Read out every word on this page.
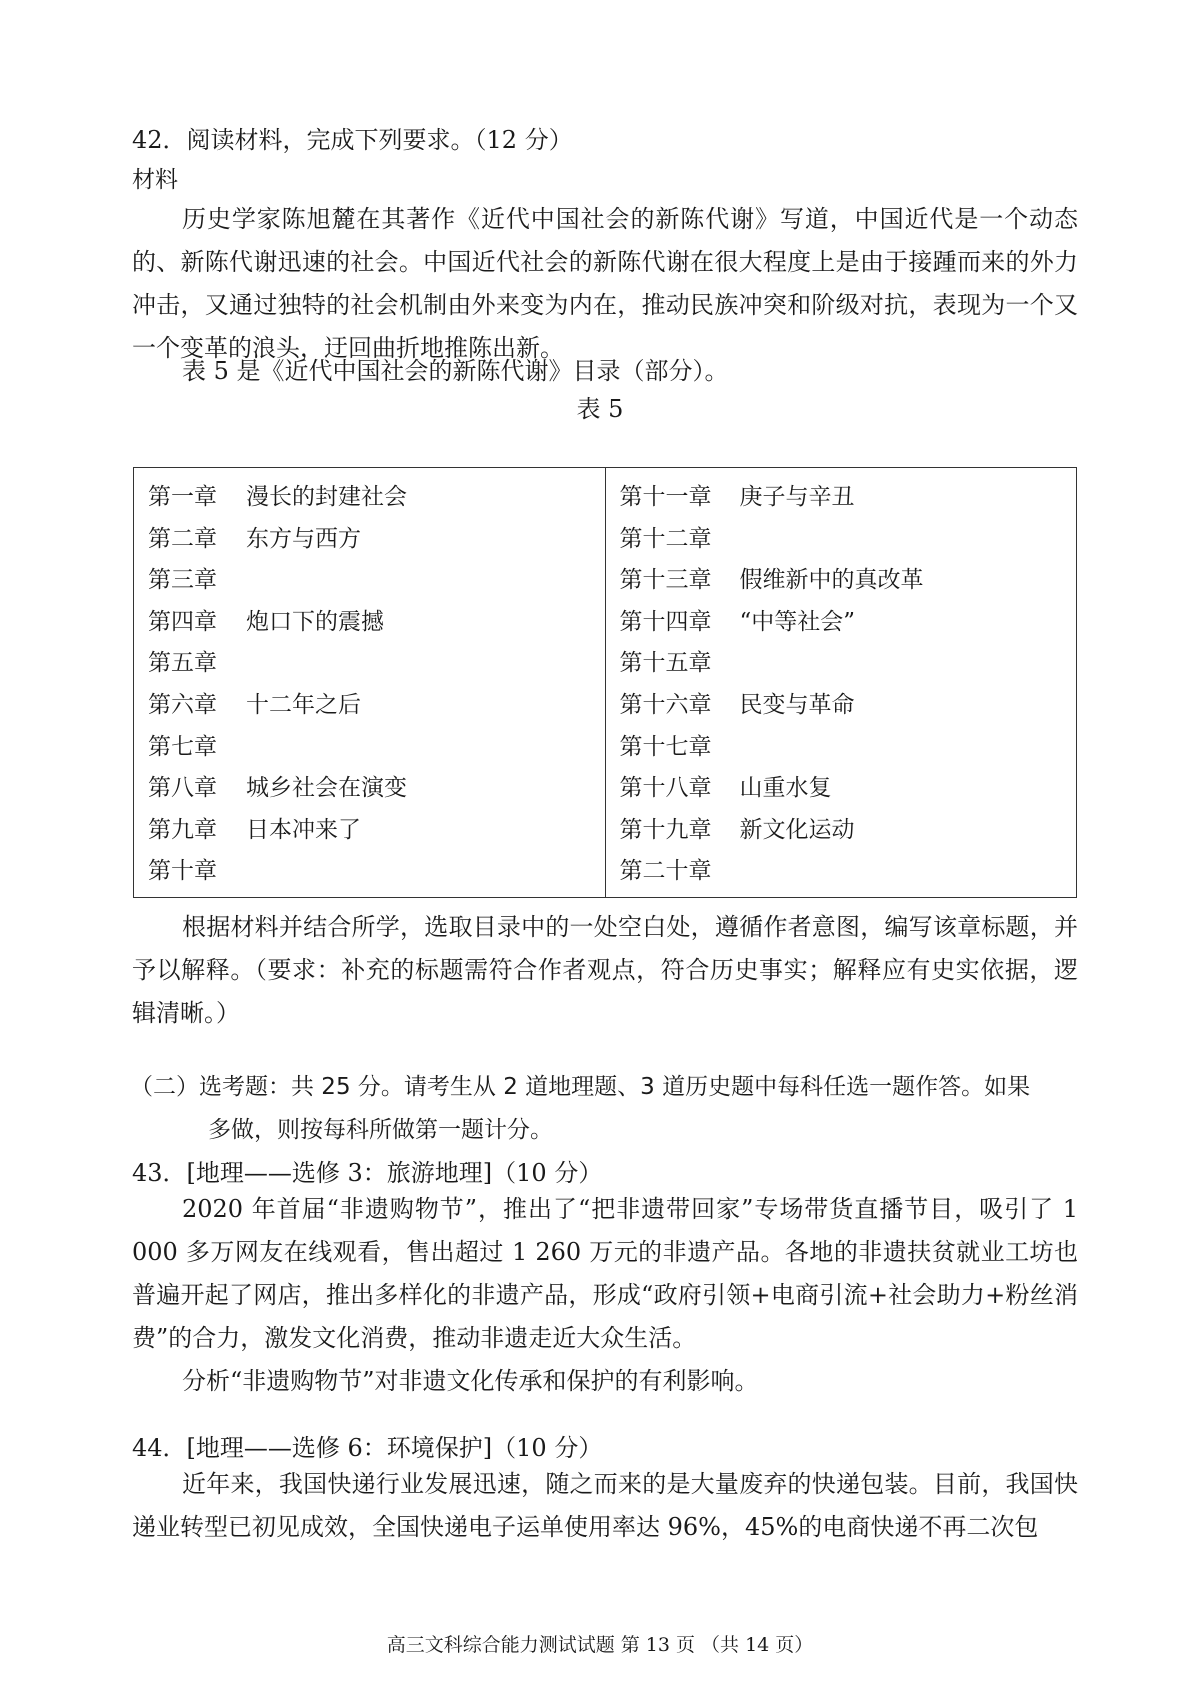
42．阅读材料，完成下列要求。（12 分）
材料
历史学家陈旭麓在其著作《近代中国社会的新陈代谢》写道，中国近代是一个动态的、新陈代谢迅速的社会。中国近代社会的新陈代谢在很大程度上是由于接踵而来的外力冲击，又通过独特的社会机制由外来变为内在，推动民族冲突和阶级对抗，表现为一个又一个变革的浪头，迂回曲折地推陈出新。
表 5 是《近代中国社会的新陈代谢》目录（部分）。
表 5
第一章 漫长的封建社会
第二章 东方与西方
第三章
第四章 炮口下的震撼
第五章
第六章 十二年之后
第七章
第八章 城乡社会在演变
第九章 日本冲来了
第十章

第十一章 庚子与辛丑
第十二章
第十三章 假维新中的真改革
第十四章 “中等社会”
第十五章
第十六章 民变与革命
第十七章
第十八章 山重水复
第十九章 新文化运动
第二十章
根据材料并结合所学，选取目录中的一处空白处，遵循作者意图，编写该章标题，并予以解释。（要求：补充的标题需符合作者观点，符合历史事实；解释应有史实依据，逻辑清晰。）
（二）选考题：共 25 分。请考生从 2 道地理题、3 道历史题中每科任选一题作答。如果
多做，则按每科所做第一题计分。
43．[地理——选修 3：旅游地理]（10 分）
2020 年首届“非遗购物节”，推出了“把非遗带回家”专场带货直播节目，吸引了 1 000 多万网友在线观看，售出超过 1 260 万元的非遗产品。各地的非遗扶贫就业工坊也普遍开起了网店，推出多样化的非遗产品，形成“政府引领+电商引流+社会助力+粉丝消费”的合力，激发文化消费，推动非遗走近大众生活。
分析“非遗购物节”对非遗文化传承和保护的有利影响。
44．[地理——选修 6：环境保护]（10 分）
近年来，我国快递行业发展迅速，随之而来的是大量废弃的快递包装。目前，我国快递业转型已初见成效，全国快递电子运单使用率达 96%，45%的电商快递不再二次包
高三文科综合能力测试试题 第 13 页 （共 14 页）
